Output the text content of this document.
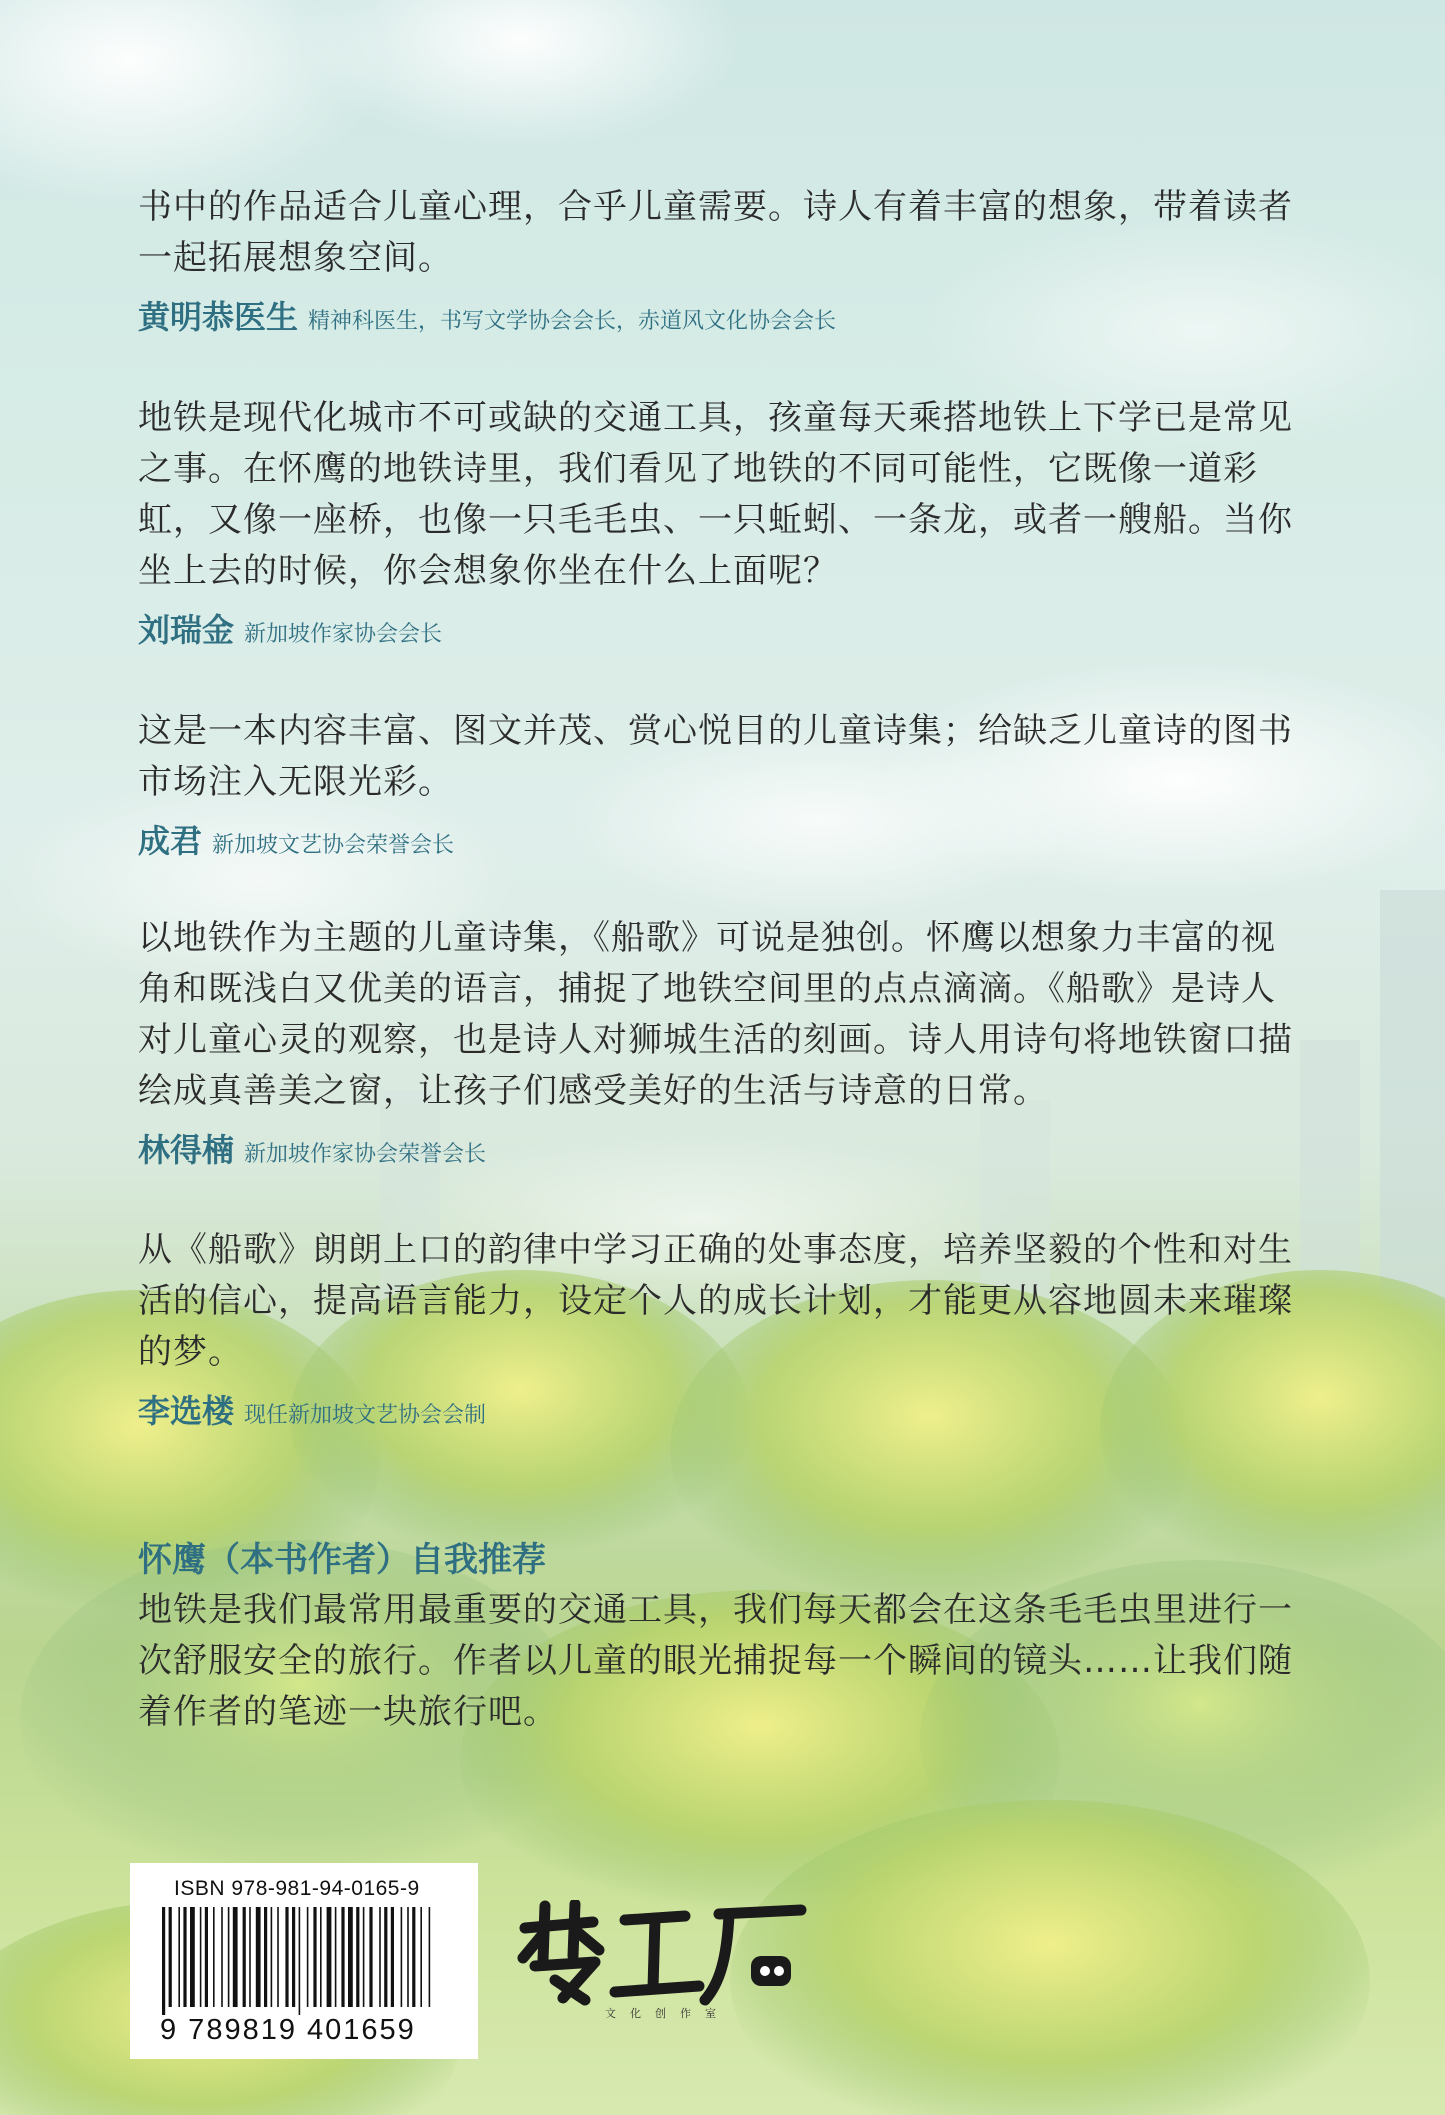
书中的作品适合儿童心理，合乎儿童需要。诗人有着丰富的想象，带着读者一起拓展想象空间。

黄明恭医生 精神科医生，书写文学协会会长，赤道风文化协会会长

地铁是现代化城市不可或缺的交通工具，孩童每天乘搭地铁上下学已是常见之事。在怀鹰的地铁诗里，我们看见了地铁的不同可能性，它既像一道彩虹，又像一座桥，也像一只毛毛虫、一只蚯蚓、一条龙，或者一艘船。当你坐上去的时候，你会想象你坐在什么上面呢？

刘瑞金 新加坡作家协会会长

这是一本内容丰富、图文并茂、赏心悦目的儿童诗集；给缺乏儿童诗的图书市场注入无限光彩。

成君 新加坡文艺协会荣誉会长

以地铁作为主题的儿童诗集，《船歌》可说是独创。怀鹰以想象力丰富的视角和既浅白又优美的语言，捕捉了地铁空间里的点点滴滴。《船歌》是诗人对儿童心灵的观察，也是诗人对狮城生活的刻画。诗人用诗句将地铁窗口描绘成真善美之窗，让孩子们感受美好的生活与诗意的日常。

林得楠 新加坡作家协会荣誉会长

从《船歌》朗朗上口的韵律中学习正确的处事态度，培养坚毅的个性和对生活的信心，提高语言能力，设定个人的成长计划，才能更从容地圆未来璀璨的梦。

李选楼 现任新加坡文艺协会会制
怀鹰（本书作者）自我推荐
地铁是我们最常用最重要的交通工具，我们每天都会在这条毛毛虫里进行一次舒服安全的旅行。作者以儿童的眼光捕捉每一个瞬间的镜头……让我们随着作者的笔迹一块旅行吧。
ISBN 978-981-94-0165-9
9 789819 401659
文化创作室
